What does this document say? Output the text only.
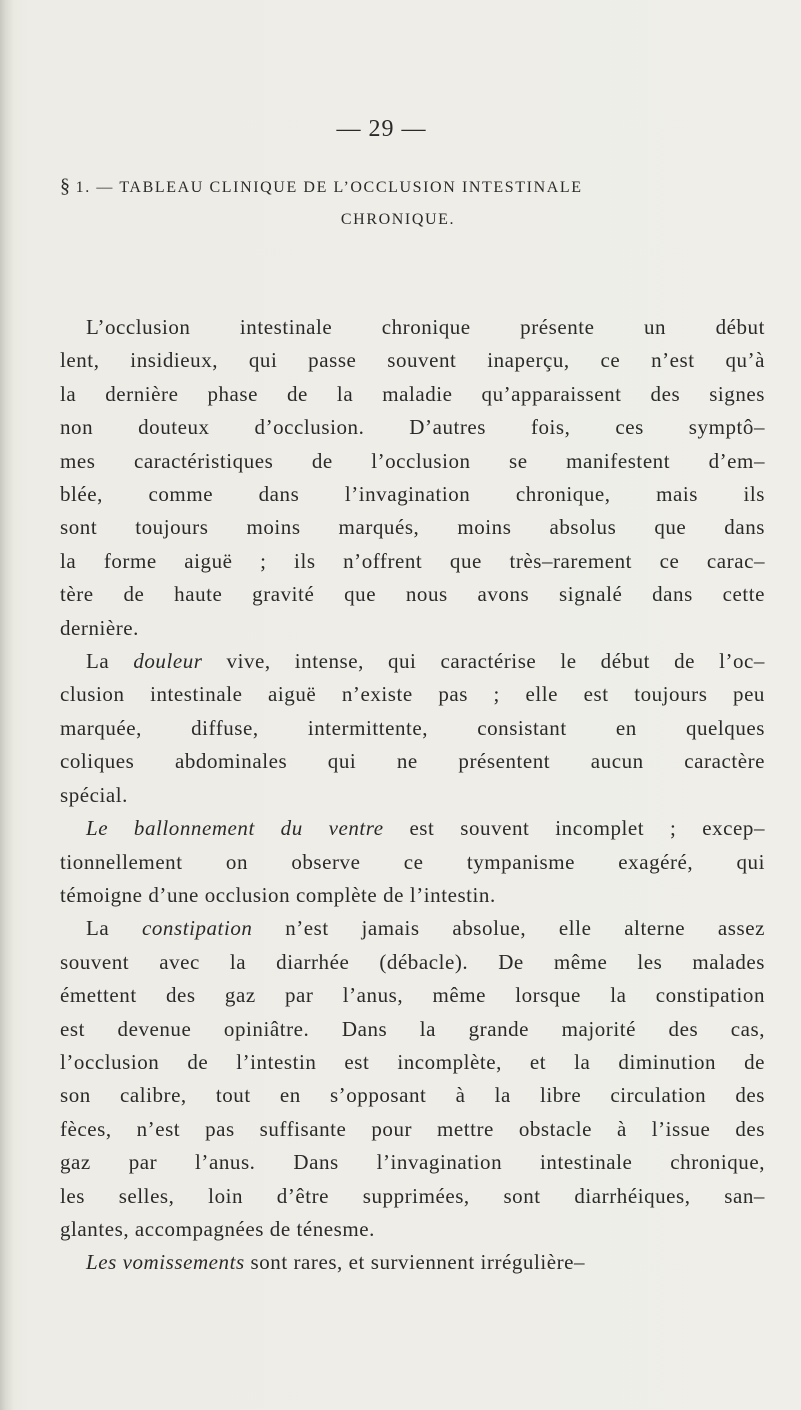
— 29 —
§ 1. — TABLEAU CLINIQUE DE L’OCCLUSION INTESTINALE
CHRONIQUE.
L’occlusion intestinale chronique présente un début
lent, insidieux, qui passe souvent inaperçu, ce n’est qu’à
la dernière phase de la maladie qu’apparaissent des signes
non douteux d’occlusion. D’autres fois, ces symptô–
mes caractéristiques de l’occlusion se manifestent d’em–
blée, comme dans l’invagination chronique, mais ils
sont toujours moins marqués, moins absolus que dans
la forme aiguë ; ils n’offrent que très–rarement ce carac–
tère de haute gravité que nous avons signalé dans cette
dernière.
La douleur vive, intense, qui caractérise le début de l’oc–
clusion intestinale aiguë n’existe pas ; elle est toujours peu
marquée, diffuse, intermittente, consistant en quelques
coliques abdominales qui ne présentent aucun caractère
spécial.
Le ballonnement du ventre est souvent incomplet ; excep–
tionnellement on observe ce tympanisme exagéré, qui
témoigne d’une occlusion complète de l’intestin.
La constipation n’est jamais absolue, elle alterne assez
souvent avec la diarrhée (débacle). De même les malades
émettent des gaz par l’anus, même lorsque la constipation
est devenue opiniâtre. Dans la grande majorité des cas,
l’occlusion de l’intestin est incomplète, et la diminution de
son calibre, tout en s’opposant à la libre circulation des
fèces, n’est pas suffisante pour mettre obstacle à l’issue des
gaz par l’anus. Dans l’invagination intestinale chronique,
les selles, loin d’être supprimées, sont diarrhéiques, san–
glantes, accompagnées de ténesme.
Les vomissements sont rares, et surviennent irrégulière–
